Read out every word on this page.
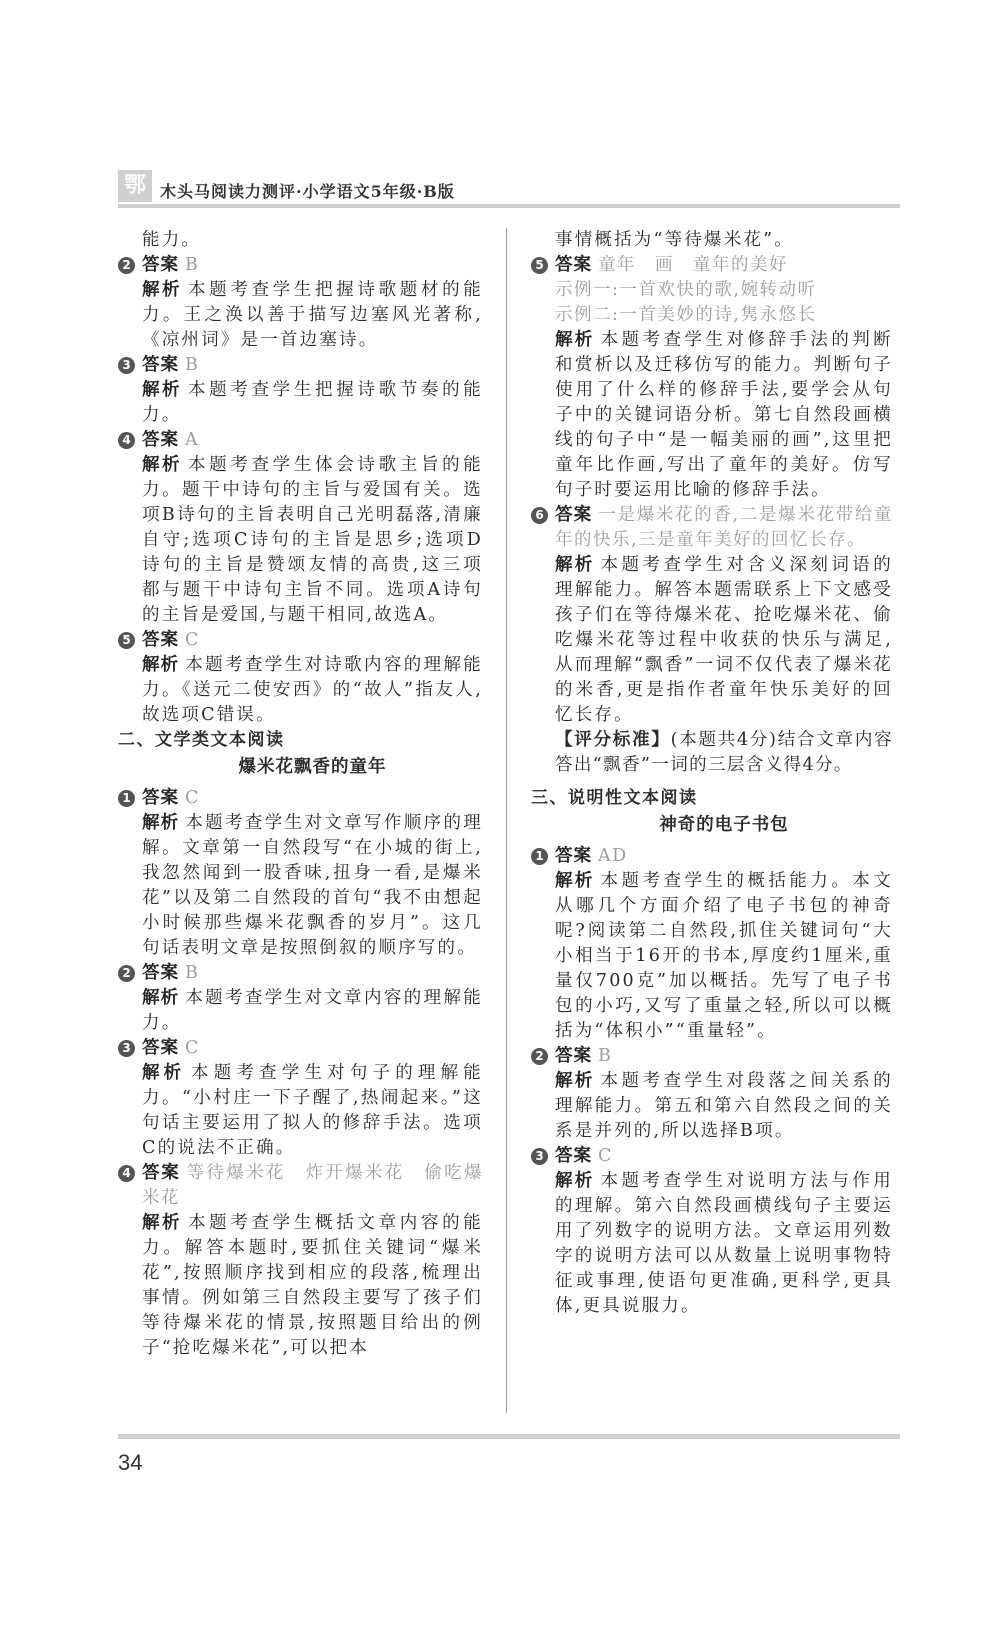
鄂 木头马阅读力测评·小学语文5年级·B版
能力。
2 答案 B
解析 本题考查学生把握诗歌题材的能力。王之涣以善于描写边塞风光著称,《凉州词》是一首边塞诗。
3 答案 B
解析 本题考查学生把握诗歌节奏的能力。
4 答案 A
解析 本题考查学生体会诗歌主旨的能力。题干中诗句的主旨与爱国有关。选项B诗句的主旨表明自己光明磊落,清廉自守;选项C诗句的主旨是思乡;选项D诗句的主旨是赞颂友情的高贵,这三项都与题干中诗句主旨不同。选项A诗句的主旨是爱国,与题干相同,故选A。
5 答案 C
解析 本题考查学生对诗歌内容的理解能力。《送元二使安西》的“故人”指友人,故选项C错误。
二、文学类文本阅读
爆米花飘香的童年
1 答案 C
解析 本题考查学生对文章写作顺序的理解。文章第一自然段写“在小城的街上,我忽然闻到一股香味,扭身一看,是爆米花”以及第二自然段的首句“我不由想起小时候那些爆米花飘香的岁月”。这几句话表明文章是按照倒叙的顺序写的。
2 答案 B
解析 本题考查学生对文章内容的理解能力。
3 答案 C
解析 本题考查学生对句子的理解能力。“小村庄一下子醒了,热闹起来。”这句话主要运用了拟人的修辞手法。选项C的说法不正确。
4 答案 等待爆米花　炸开爆米花　偷吃爆米花
解析 本题考查学生概括文章内容的能力。解答本题时,要抓住关键词“爆米花”,按照顺序找到相应的段落,梳理出事情。例如第三自然段主要写了孩子们等待爆米花的情景,按照题目给出的例子“抢吃爆米花”,可以把本
事情概括为“等待爆米花”。
5 答案 童年　画　童年的美好
示例一:一首欢快的歌,婉转动听
示例二:一首美妙的诗,隽永悠长
解析 本题考查学生对修辞手法的判断和赏析以及迁移仿写的能力。判断句子使用了什么样的修辞手法,要学会从句子中的关键词语分析。第七自然段画横线的句子中“是一幅美丽的画”,这里把童年比作画,写出了童年的美好。仿写句子时要运用比喻的修辞手法。
6 答案 一是爆米花的香,二是爆米花带给童年的快乐,三是童年美好的回忆长存。
解析 本题考查学生对含义深刻词语的理解能力。解答本题需联系上下文感受孩子们在等待爆米花、抢吃爆米花、偷吃爆米花等过程中收获的快乐与满足,从而理解“飘香”一词不仅代表了爆米花的米香,更是指作者童年快乐美好的回忆长存。
【评分标准】(本题共4分)结合文章内容答出“飘香”一词的三层含义得4分。
三、说明性文本阅读
神奇的电子书包
1 答案 AD
解析 本题考查学生的概括能力。本文从哪几个方面介绍了电子书包的神奇呢?阅读第二自然段,抓住关键词句“大小相当于16开的书本,厚度约1厘米,重量仅700克”加以概括。先写了电子书包的小巧,又写了重量之轻,所以可以概括为“体积小”“重量轻”。
2 答案 B
解析 本题考查学生对段落之间关系的理解能力。第五和第六自然段之间的关系是并列的,所以选择B项。
3 答案 C
解析 本题考查学生对说明方法与作用的理解。第六自然段画横线句子主要运用了列数字的说明方法。文章运用列数字的说明方法可以从数量上说明事物特征或事理,使语句更准确,更科学,更具体,更具说服力。
34
